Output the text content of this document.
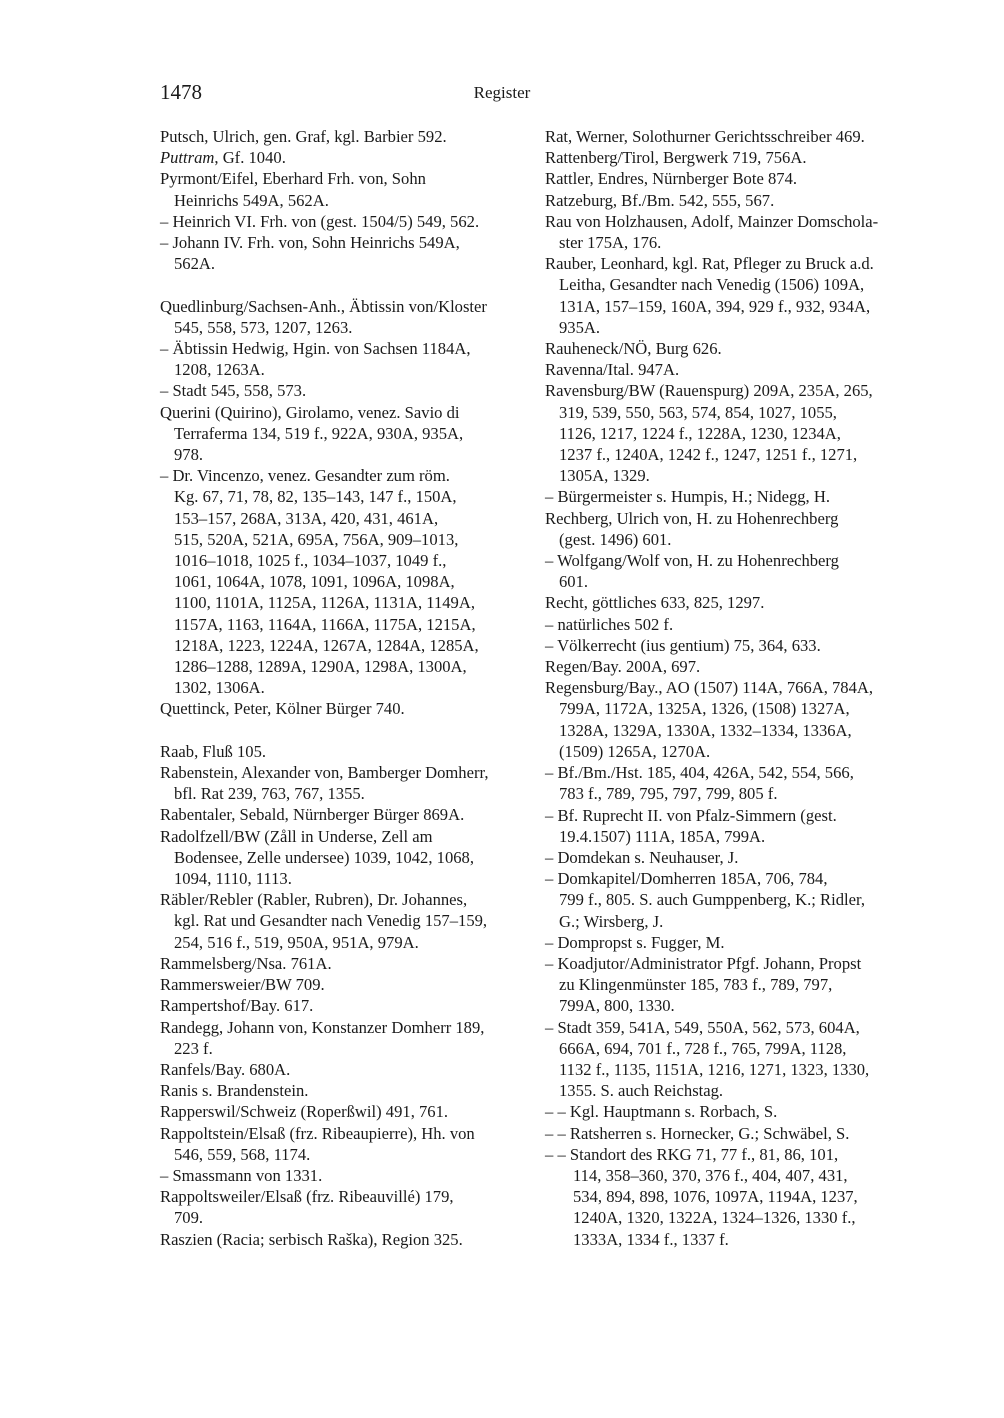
1478	Register
Putsch, Ulrich, gen. Graf, kgl. Barbier 592.
Puttram, Gf. 1040.
Pyrmont/Eifel, Eberhard Frh. von, Sohn
Heinrichs 549A, 562A.
– Heinrich VI. Frh. von (gest. 1504/5) 549, 562.
– Johann IV. Frh. von, Sohn Heinrichs 549A,
562A.
Quedlinburg/Sachsen-Anh., Äbtissin von/Kloster
545, 558, 573, 1207, 1263.
– Äbtissin Hedwig, Hgin. von Sachsen 1184A,
1208, 1263A.
– Stadt 545, 558, 573.
Querini (Quirino), Girolamo, venez. Savio di
Terraferma 134, 519 f., 922A, 930A, 935A,
978.
– Dr. Vincenzo, venez. Gesandter zum röm.
Kg. 67, 71, 78, 82, 135–143, 147 f., 150A,
153–157, 268A, 313A, 420, 431, 461A,
515, 520A, 521A, 695A, 756A, 909–1013,
1016–1018, 1025 f., 1034–1037, 1049 f.,
1061, 1064A, 1078, 1091, 1096A, 1098A,
1100, 1101A, 1125A, 1126A, 1131A, 1149A,
1157A, 1163, 1164A, 1166A, 1175A, 1215A,
1218A, 1223, 1224A, 1267A, 1284A, 1285A,
1286–1288, 1289A, 1290A, 1298A, 1300A,
1302, 1306A.
Quettinck, Peter, Kölner Bürger 740.
Raab, Fluß 105.
Rabenstein, Alexander von, Bamberger Domherr,
bfl. Rat 239, 763, 767, 1355.
Rabentaler, Sebald, Nürnberger Bürger 869A.
Radolfzell/BW (Zåll in Underse, Zell am
Bodensee, Zelle undersee) 1039, 1042, 1068,
1094, 1110, 1113.
Räbler/Rebler (Rabler, Rubren), Dr. Johannes,
kgl. Rat und Gesandter nach Venedig 157–159,
254, 516 f., 519, 950A, 951A, 979A.
Rammelsberg/Nsa. 761A.
Rammersweier/BW 709.
Rampertshof/Bay. 617.
Randegg, Johann von, Konstanzer Domherr 189,
223 f.
Ranfels/Bay. 680A.
Ranis s. Brandenstein.
Rapperswil/Schweiz (Roperßwil) 491, 761.
Rappoltstein/Elsaß (frz. Ribeaupierre), Hh. von
546, 559, 568, 1174.
– Smassmann von 1331.
Rappoltsweiler/Elsaß (frz. Ribeauvillé) 179,
709.
Raszien (Racia; serbisch Raška), Region 325.
Rat, Werner, Solothurner Gerichtsschreiber 469.
Rattenberg/Tirol, Bergwerk 719, 756A.
Rattler, Endres, Nürnberger Bote 874.
Ratzeburg, Bf./Bm. 542, 555, 567.
Rau von Holzhausen, Adolf, Mainzer Domschola-
ster 175A, 176.
Rauber, Leonhard, kgl. Rat, Pfleger zu Bruck a.d.
Leitha, Gesandter nach Venedig (1506) 109A,
131A, 157–159, 160A, 394, 929 f., 932, 934A,
935A.
Rauheneck/NÖ, Burg 626.
Ravenna/Ital. 947A.
Ravensburg/BW (Rauenspurg) 209A, 235A, 265,
319, 539, 550, 563, 574, 854, 1027, 1055,
1126, 1217, 1224 f., 1228A, 1230, 1234A,
1237 f., 1240A, 1242 f., 1247, 1251 f., 1271,
1305A, 1329.
– Bürgermeister s. Humpis, H.; Nidegg, H.
Rechberg, Ulrich von, H. zu Hohenrechberg
(gest. 1496) 601.
– Wolfgang/Wolf von, H. zu Hohenrechberg
601.
Recht, göttliches 633, 825, 1297.
– natürliches 502 f.
– Völkerrecht (ius gentium) 75, 364, 633.
Regen/Bay. 200A, 697.
Regensburg/Bay., AO (1507) 114A, 766A, 784A,
799A, 1172A, 1325A, 1326, (1508) 1327A,
1328A, 1329A, 1330A, 1332–1334, 1336A,
(1509) 1265A, 1270A.
– Bf./Bm./Hst. 185, 404, 426A, 542, 554, 566,
783 f., 789, 795, 797, 799, 805 f.
– Bf. Ruprecht II. von Pfalz-Simmern (gest.
19.4.1507) 111A, 185A, 799A.
– Domdekan s. Neuhauser, J.
– Domkapitel/Domherren 185A, 706, 784,
799 f., 805. S. auch Gumppenberg, K.; Ridler,
G.; Wirsberg, J.
– Dompropst s. Fugger, M.
– Koadjutor/Administrator Pfgf. Johann, Propst
zu Klingenmünster 185, 783 f., 789, 797,
799A, 800, 1330.
– Stadt 359, 541A, 549, 550A, 562, 573, 604A,
666A, 694, 701 f., 728 f., 765, 799A, 1128,
1132 f., 1135, 1151A, 1216, 1271, 1323, 1330,
1355. S. auch Reichstag.
– – Kgl. Hauptmann s. Rorbach, S.
– – Ratsherren s. Hornecker, G.; Schwäbel, S.
– – Standort des RKG 71, 77 f., 81, 86, 101,
114, 358–360, 370, 376 f., 404, 407, 431,
534, 894, 898, 1076, 1097A, 1194A, 1237,
1240A, 1320, 1322A, 1324–1326, 1330 f.,
1333A, 1334 f., 1337 f.
